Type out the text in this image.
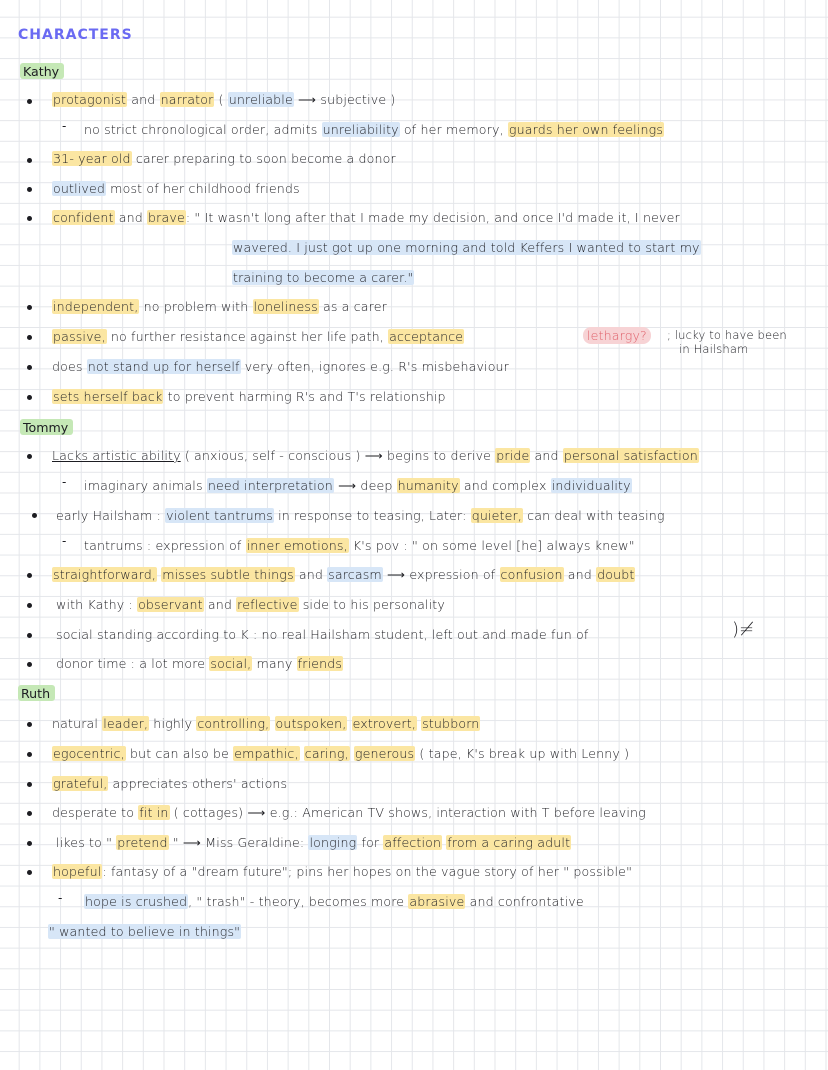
CHARACTERS
Kathy
protagonist and narrator ( unreliable ⟶ subjective )
- no strict chronological order, admits unreliability of her memory, guards her own feelings
31- year old carer preparing to soon become a donor
outlived most of her childhood friends
confident and brave: " It wasn't long after that I made my decision, and once I'd made it, I never
wavered. I just got up one morning and told Keffers I wanted to start my
training to become a carer."
independent, no problem with loneliness as a carer
passive, no further resistance against her life path, acceptance	lethargy?	; lucky to have been
in Hailsham
does not stand up for herself very often, ignores e.g. R's misbehaviour
sets herself back to prevent harming R's and T's relationship
Tommy
Lacks artistic ability ( anxious, self - conscious ) ⟶ begins to derive pride and personal satisfaction
- imaginary animals need interpretation ⟶ deep humanity and complex individuality
early Hailsham : violent tantrums in response to teasing, Later: quieter, can deal with teasing
- tantrums : expression of inner emotions, K's pov : " on some level [he] always knew"
straightforward, misses subtle things and sarcasm ⟶ expression of confusion and doubt
with Kathy : observant and reflective side to his personality
social standing according to K : no real Hailsham student, left out and made fun of	)≠
donor time : a lot more social, many friends
Ruth
natural leader, highly controlling, outspoken, extrovert, stubborn
egocentric, but can also be empathic, caring, generous ( tape, K's break up with Lenny )
grateful, appreciates others' actions
desperate to fit in ( cottages) ⟶ e.g.: American TV shows, interaction with T before leaving
likes to " pretend " ⟶ Miss Geraldine: longing for affection from a caring adult
hopeful: fantasy of a "dream future"; pins her hopes on the vague story of her " possible"
- hope is crushed, " trash" - theory, becomes more abrasive and confrontative
" wanted to believe in things"
